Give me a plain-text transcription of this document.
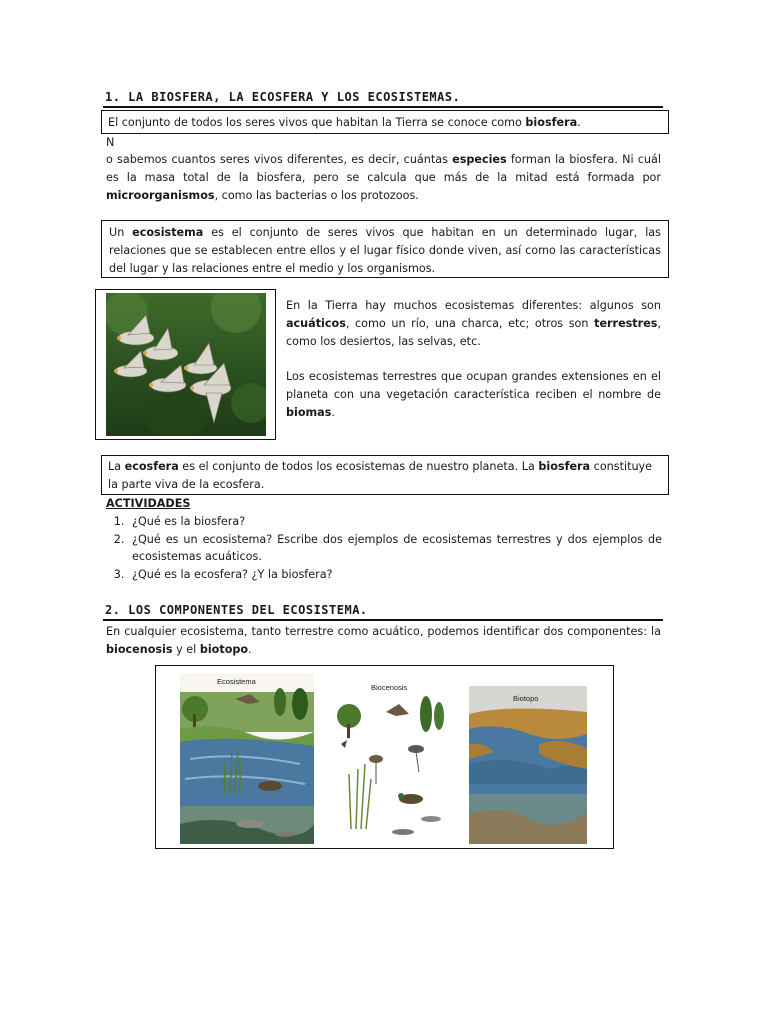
1. LA BIOSFERA, LA ECOSFERA Y LOS ECOSISTEMAS.
El conjunto de todos los seres vivos que habitan la Tierra se conoce como biosfera.
N
o sabemos cuantos seres vivos diferentes, es decir, cuántas especies forman la biosfera. Ni cuál es la masa total de la biosfera, pero se calcula que más de la mitad está formada por microorganismos, como las bacterias o los protozoos.
Un ecosistema es el conjunto de seres vivos que habitan en un determinado lugar, las relaciones que se establecen entre ellos y el lugar físico donde viven, así como las características del lugar y las relaciones entre el medio y los organismos.
En la Tierra hay muchos ecosistemas diferentes: algunos son acuáticos, como un río, una charca, etc; otros son terrestres, como los desiertos, las selvas, etc.
Los ecosistemas terrestres que ocupan grandes extensiones en el planeta con una vegetación característica reciben el nombre de biomas.
La ecosfera es el conjunto de todos los ecosistemas de nuestro planeta. La biosfera constituye la parte viva de la ecosfera.
ACTIVIDADES
1. ¿Qué es la biosfera?
2. ¿Qué es un ecosistema? Escribe dos ejemplos de ecosistemas terrestres y dos ejemplos de ecosistemas acuáticos.
3. ¿Qué es la ecosfera? ¿Y la biosfera?
2. LOS COMPONENTES DEL ECOSISTEMA.
En cualquier ecosistema, tanto terrestre como acuático, podemos identificar dos componentes: la biocenosis y el biotopo.
Ecosistema
Biocenosis
Biotopo
